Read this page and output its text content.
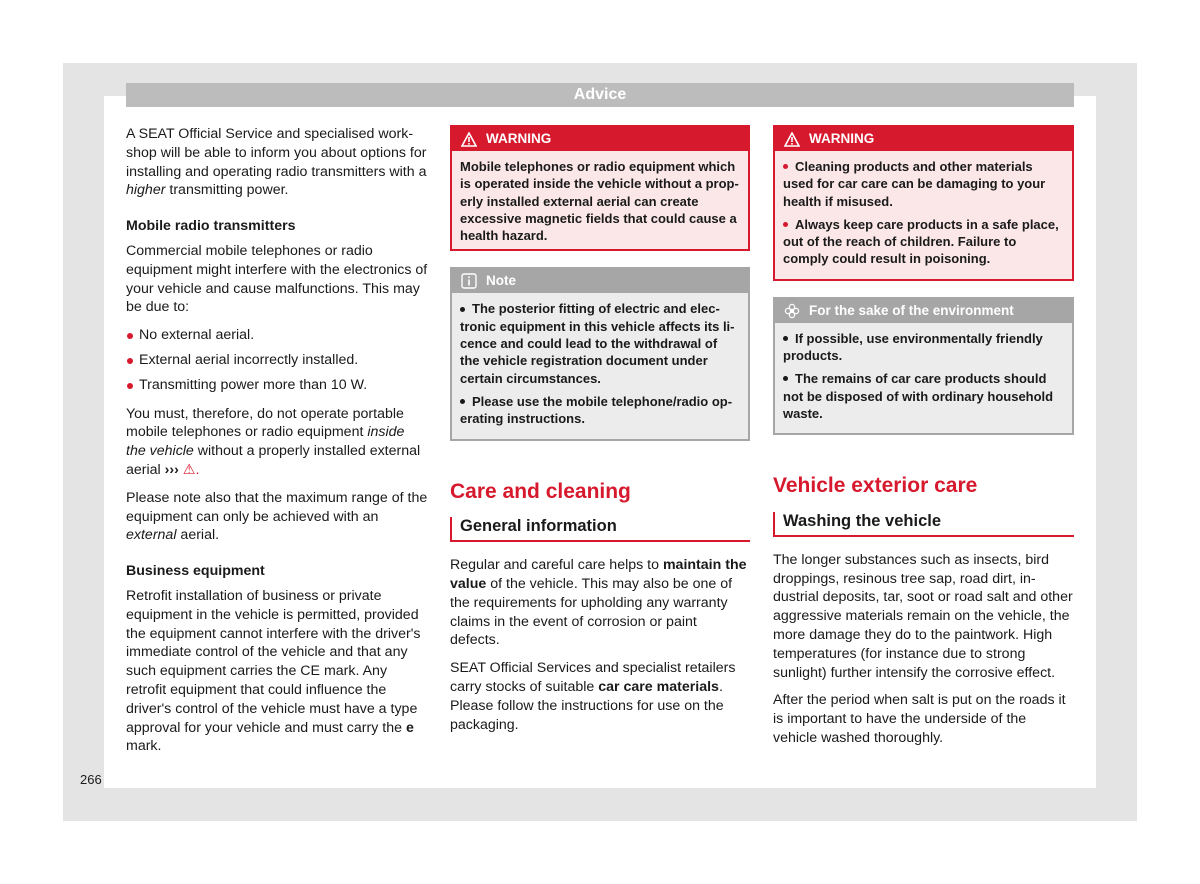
Advice

A SEAT Official Service and specialised workshop will be able to inform you about options for installing and operating radio transmitters with a higher transmitting power.

Mobile radio transmitters

Commercial mobile telephones or radio equipment might interfere with the electronics of your vehicle and cause malfunctions. This may be due to:

No external aerial.
External aerial incorrectly installed.
Transmitting power more than 10 W.

You must, therefore, do not operate portable mobile telephones or radio equipment inside the vehicle without a properly installed external aerial ››› ⚠.

Please note also that the maximum range of the equipment can only be achieved with an external aerial.

Business equipment

Retrofit installation of business or private equipment in the vehicle is permitted, provided the equipment cannot interfere with the driver's immediate control of the vehicle and that any such equipment carries the CE mark. Any retrofit equipment that could influence the driver's control of the vehicle must have a type approval for your vehicle and must carry the e mark.

WARNING
Mobile telephones or radio equipment which is operated inside the vehicle without a properly installed external aerial can create excessive magnetic fields that could cause a health hazard.
Note
The posterior fitting of electric and electronic equipment in this vehicle affects its licence and could lead to the withdrawal of the vehicle registration document under certain circumstances.
Please use the mobile telephone/radio operating instructions.
Care and cleaning
General information

Regular and careful care helps to maintain the value of the vehicle. This may also be one of the requirements for upholding any warranty claims in the event of corrosion or paint defects.

SEAT Official Services and specialist retailers carry stocks of suitable car care materials. Please follow the instructions for use on the packaging.

WARNING
Cleaning products and other materials used for car care can be damaging to your health if misused.
Always keep care products in a safe place, out of the reach of children. Failure to comply could result in poisoning.
For the sake of the environment
If possible, use environmentally friendly products.
The remains of car care products should not be disposed of with ordinary household waste.
Vehicle exterior care
Washing the vehicle

The longer substances such as insects, bird droppings, resinous tree sap, road dirt, industrial deposits, tar, soot or road salt and other aggressive materials remain on the vehicle, the more damage they do to the paintwork. High temperatures (for instance due to strong sunlight) further intensify the corrosive effect.

After the period when salt is put on the roads it is important to have the underside of the vehicle washed thoroughly.

266
